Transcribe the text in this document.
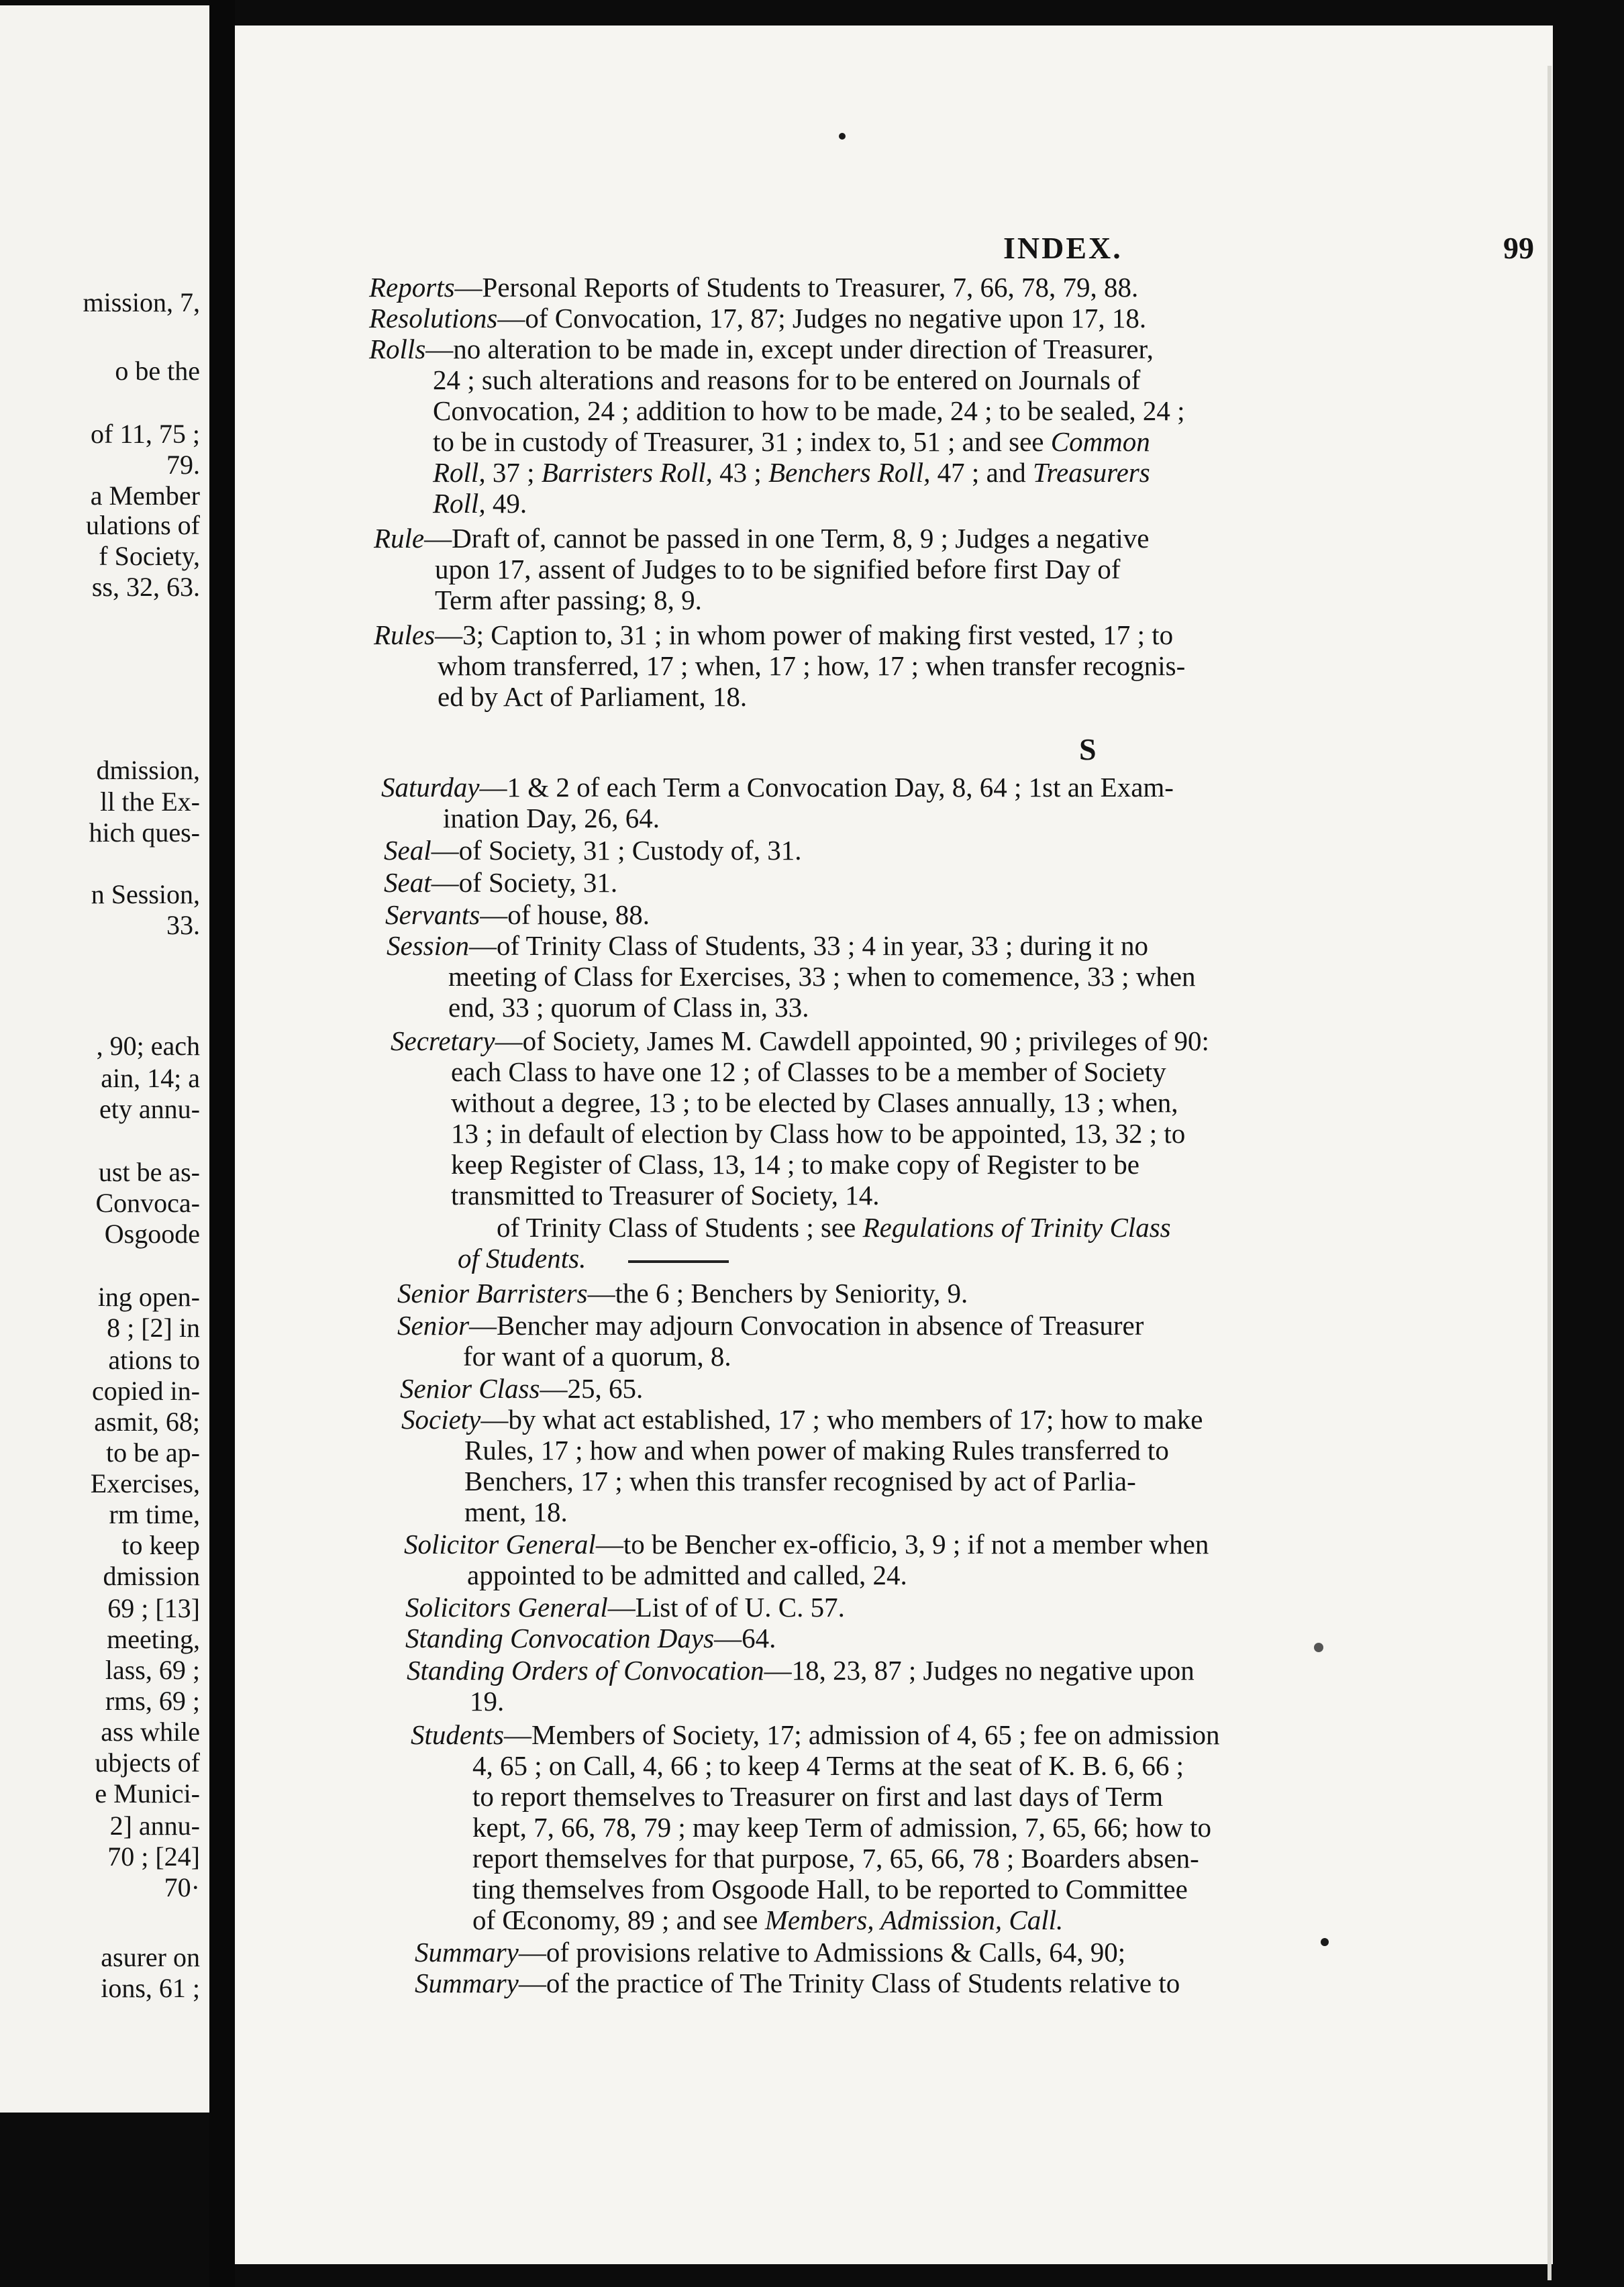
mission, 7,
o be the
of 11, 75 ;
79.
a Member
ulations of
f Society,
ss, 32, 63.
dmission,
ll the Ex-
hich ques-
n Session,
33.
, 90; each
ain, 14; a
ety annu-
ust be as-
Convoca-
Osgoode
ing open-
8 ; [2] in
ations to
copied in-
asmit, 68;
to be ap-
Exercises,
rm time,
to keep
dmission
69 ; [13]
meeting,
lass, 69 ;
rms, 69 ;
ass while
ubjects of
e Munici-
2] annu-
70 ; [24]
70·
asurer on
ions, 61 ;
INDEX.	99
S
Reports—Personal Reports of Students to Treasurer, 7, 66, 78, 79, 88.
Resolutions—of Convocation, 17, 87; Judges no negative upon 17, 18.
Rolls—no alteration to be made in, except under direction of Treasurer,
24 ; such alterations and reasons for to be entered on Journals of
Convocation, 24 ; addition to how to be made, 24 ; to be sealed, 24 ;
to be in custody of Treasurer, 31 ; index to, 51 ; and see Common
Roll, 37 ; Barristers Roll, 43 ; Benchers Roll, 47 ; and Treasurers
Roll, 49.
Rule—Draft of, cannot be passed in one Term, 8, 9 ; Judges a negative
upon 17, assent of Judges to to be signified before first Day of
Term after passing; 8, 9.
Rules—3; Caption to, 31 ; in whom power of making first vested, 17 ; to
whom transferred, 17 ; when, 17 ; how, 17 ; when transfer recognis-
ed by Act of Parliament, 18.
Saturday—1 & 2 of each Term a Convocation Day, 8, 64 ; 1st an Exam-
ination Day, 26, 64.
Seal—of Society, 31 ; Custody of, 31.
Seat—of Society, 31.
Servants—of house, 88.
Session—of Trinity Class of Students, 33 ; 4 in year, 33 ; during it no
meeting of Class for Exercises, 33 ; when to comemence, 33 ; when
end, 33 ; quorum of Class in, 33.
Secretary—of Society, James M. Cawdell appointed, 90 ; privileges of 90:
each Class to have one 12 ; of Classes to be a member of Society
without a degree, 13 ; to be elected by Clases annually, 13 ; when,
13 ; in default of election by Class how to be appointed, 13, 32 ; to
keep Register of Class, 13, 14 ; to make copy of Register to be
transmitted to Treasurer of Society, 14.
of Trinity Class of Students ; see Regulations of Trinity Class
of Students.
Senior Barristers—the 6 ; Benchers by Seniority, 9.
Senior—Bencher may adjourn Convocation in absence of Treasurer
for want of a quorum, 8.
Senior Class—25, 65.
Society—by what act established, 17 ; who members of 17; how to make
Rules, 17 ; how and when power of making Rules transferred to
Benchers, 17 ; when this transfer recognised by act of Parlia-
ment, 18.
Solicitor General—to be Bencher ex-officio, 3, 9 ; if not a member when
appointed to be admitted and called, 24.
Solicitors General—List of of U. C. 57.
Standing Convocation Days—64.
Standing Orders of Convocation—18, 23, 87 ; Judges no negative upon
19.
Students—Members of Society, 17; admission of 4, 65 ; fee on admission
4, 65 ; on Call, 4, 66 ; to keep 4 Terms at the seat of K. B. 6, 66 ;
to report themselves to Treasurer on first and last days of Term
kept, 7, 66, 78, 79 ; may keep Term of admission, 7, 65, 66; how to
report themselves for that purpose, 7, 65, 66, 78 ; Boarders absen-
ting themselves from Osgoode Hall, to be reported to Committee
of Œconomy, 89 ; and see Members, Admission, Call.
Summary—of provisions relative to Admissions & Calls, 64, 90;
Summary—of the practice of The Trinity Class of Students relative to
